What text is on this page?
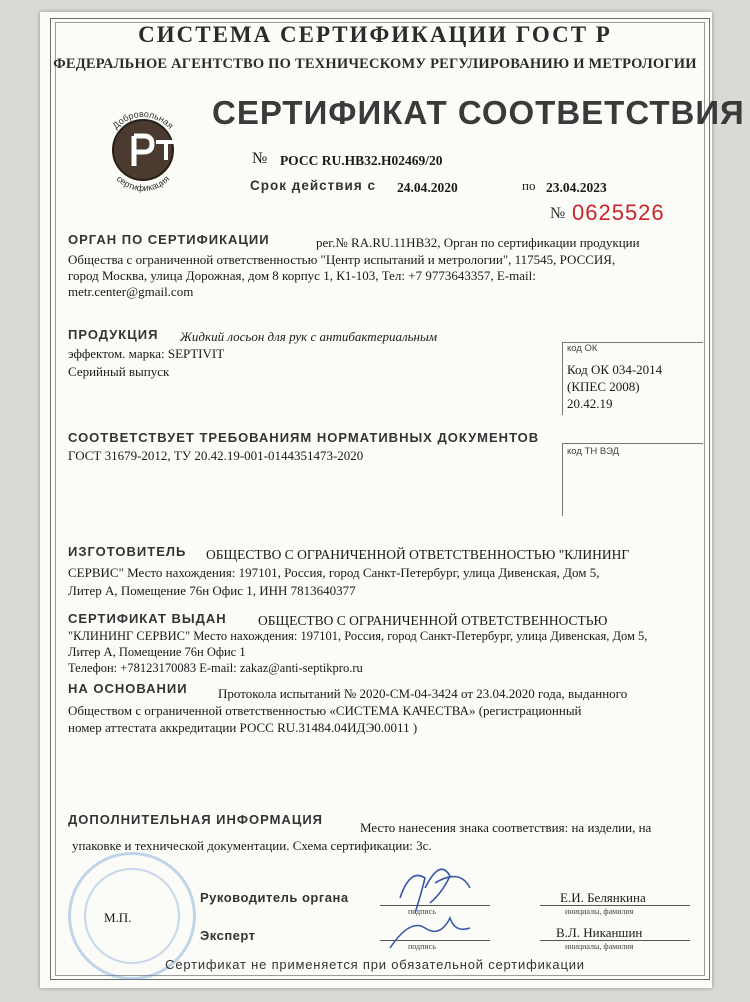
СИСТЕМА СЕРТИФИКАЦИИ ГОСТ Р
ФЕДЕРАЛЬНОЕ АГЕНТСТВО ПО ТЕХНИЧЕСКОМУ РЕГУЛИРОВАНИЮ И МЕТРОЛОГИИ
Добровольная
сертификация
СЕРТИФИКАТ СООТВЕТСТВИЯ
№ РОСС RU.НВ32.Н02469/20
Срок действия с 24.04.2020	по 23.04.2023
№ 0625526
ОРГАН ПО СЕРТИФИКАЦИИ	рег.№ RA.RU.11НВ32, Орган по сертификации продукции
Общества с ограниченной ответственностью "Центр испытаний и метрологии", 117545, РОССИЯ,
город Москва, улица Дорожная, дом 8 корпус 1, К1-103, Тел: +7 9773643357, E-mail:
metr.center@gmail.com
ПРОДУКЦИЯ Жидкий лосьон для рук с антибактериальным
эффектом. марка: SEPTIVIT
Серийный выпуск
код ОК
Код ОК 034-2014
(КПЕС 2008)
20.42.19
СООТВЕТСТВУЕТ ТРЕБОВАНИЯМ НОРМАТИВНЫХ ДОКУМЕНТОВ
ГОСТ 31679-2012, ТУ 20.42.19-001-0144351473-2020	код ТН ВЭД
ИЗГОТОВИТЕЛЬ ОБЩЕСТВО С ОГРАНИЧЕННОЙ ОТВЕТСТВЕННОСТЬЮ "КЛИНИНГ
СЕРВИС" Место нахождения: 197101, Россия, город Санкт-Петербург, улица Дивенская, Дом 5,
Литер А, Помещение 76н Офис 1, ИНН 7813640377
СЕРТИФИКАТ ВЫДАН ОБЩЕСТВО С ОГРАНИЧЕННОЙ ОТВЕТСТВЕННОСТЬЮ
"КЛИНИНГ СЕРВИС" Место нахождения: 197101, Россия, город Санкт-Петербург, улица Дивенская, Дом 5,
Литер А, Помещение 76н Офис 1
Телефон: +78123170083 E-mail: zakaz@anti-septikpro.ru
НА ОСНОВАНИИ Протокола испытаний № 2020-СМ-04-3424 от 23.04.2020 года, выданного
Обществом с ограниченной ответственностью «СИСТЕМА КАЧЕСТВА» (регистрационный
номер аттестата аккредитации РОСС RU.31484.04ИДЭ0.0011 )
ДОПОЛНИТЕЛЬНАЯ ИНФОРМАЦИЯ
Место нанесения знака соответствия: на изделии, на
упаковке и технической документации. Схема сертификации: 3с.
М.П.
Руководитель органа
подпись
Е.И. Белянкина
инициалы, фамилия
Эксперт
подпись
В.Л. Никаншин
инициалы, фамилия
Сертификат не применяется при обязательной сертификации
